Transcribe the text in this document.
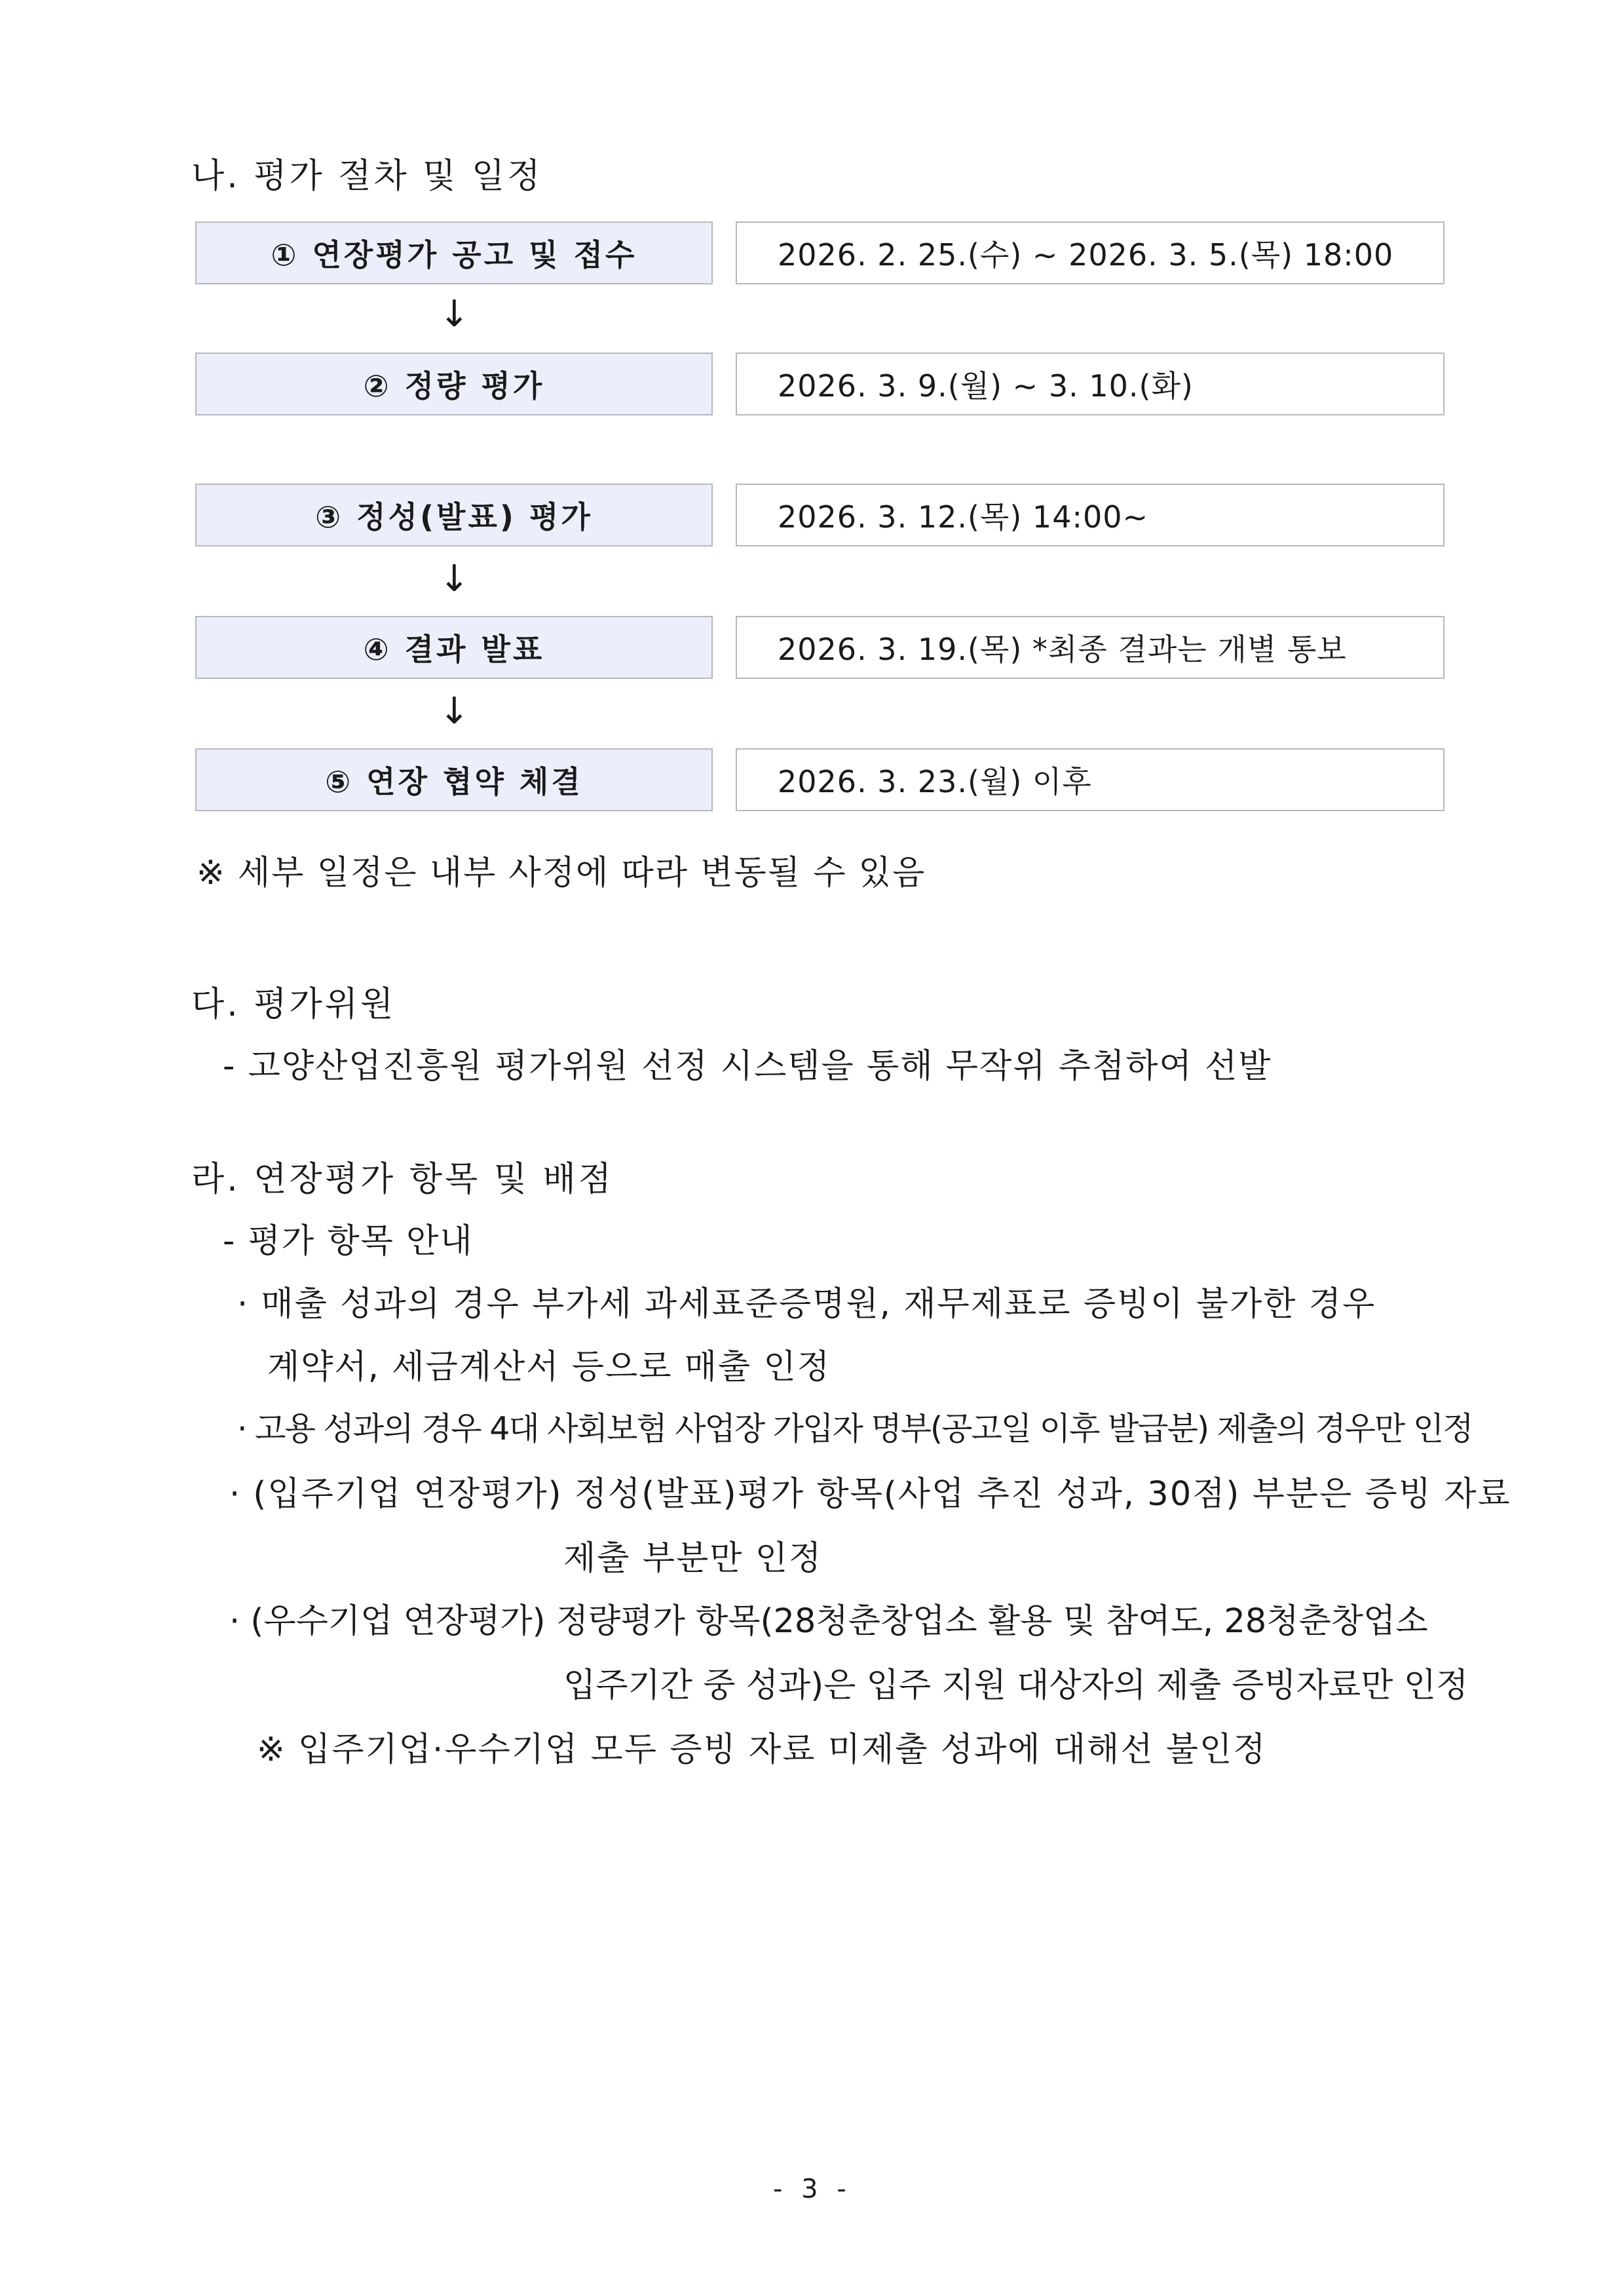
나. 평가 절차 및 일정
① 연장평가 공고 및 접수	2026. 2. 25.(수) ~ 2026. 3. 5.(목) 18:00
↓
② 정량 평가	2026. 3. 9.(월) ~ 3. 10.(화)
③ 정성(발표) 평가	2026. 3. 12.(목) 14:00~
↓
④ 결과 발표	2026. 3. 19.(목) *최종 결과는 개별 통보
↓
⑤ 연장 협약 체결	2026. 3. 23.(월) 이후
※ 세부 일정은 내부 사정에 따라 변동될 수 있음
다. 평가위원
- 고양산업진흥원 평가위원 선정 시스템을 통해 무작위 추첨하여 선발
라. 연장평가 항목 및 배점
- 평가 항목 안내
· 매출 성과의 경우 부가세 과세표준증명원, 재무제표로 증빙이 불가한 경우
계약서, 세금계산서 등으로 매출 인정
· 고용 성과의 경우 4대 사회보험 사업장 가입자 명부(공고일 이후 발급분) 제출의 경우만 인정
· (입주기업 연장평가) 정성(발표)평가 항목(사업 추진 성과, 30점) 부분은 증빙 자료
제출 부분만 인정
· (우수기업 연장평가) 정량평가 항목(28청춘창업소 활용 및 참여도, 28청춘창업소
입주기간 중 성과)은 입주 지원 대상자의 제출 증빙자료만 인정
※ 입주기업·우수기업 모두 증빙 자료 미제출 성과에 대해선 불인정
- 3 -
